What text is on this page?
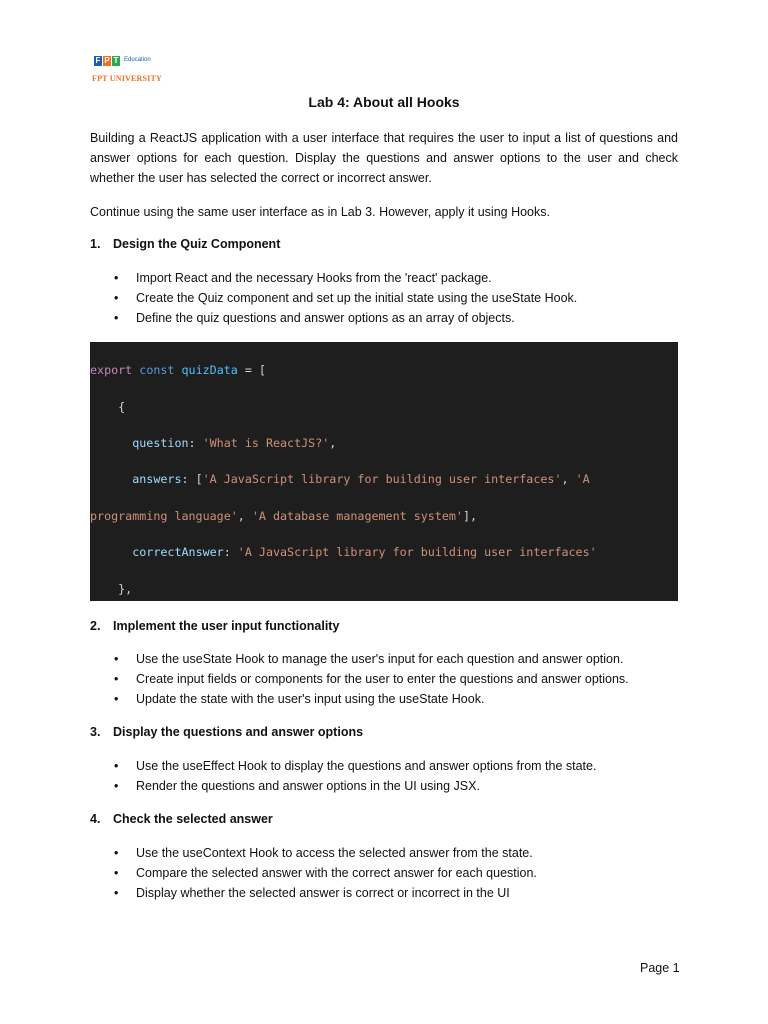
F P T Education
FPT UNIVERSITY
Lab 4: About all Hooks
Building a ReactJS application with a user interface that requires the user to input a list of questions and answer options for each question. Display the questions and answer options to the user and check whether the user has selected the correct or incorrect answer.
Continue using the same user interface as in Lab 3. However, apply it using Hooks.
1. Design the Quiz Component
• Import React and the necessary Hooks from the 'react' package.
• Create the Quiz component and set up the initial state using the useState Hook.
• Define the quiz questions and answer options as an array of objects.

export const quizData = [

{

question: 'What is ReactJS?',

answers: ['A JavaScript library for building user interfaces', 'A

programming language', 'A database management system'],

correctAnswer: 'A JavaScript library for building user interfaces'

},

2. Implement the user input functionality
• Use the useState Hook to manage the user's input for each question and answer option.
• Create input fields or components for the user to enter the questions and answer options.
• Update the state with the user's input using the useState Hook.
3. Display the questions and answer options
• Use the useEffect Hook to display the questions and answer options from the state.
• Render the questions and answer options in the UI using JSX.
4. Check the selected answer
• Use the useContext Hook to access the selected answer from the state.
• Compare the selected answer with the correct answer for each question.
• Display whether the selected answer is correct or incorrect in the UI
Page 1
